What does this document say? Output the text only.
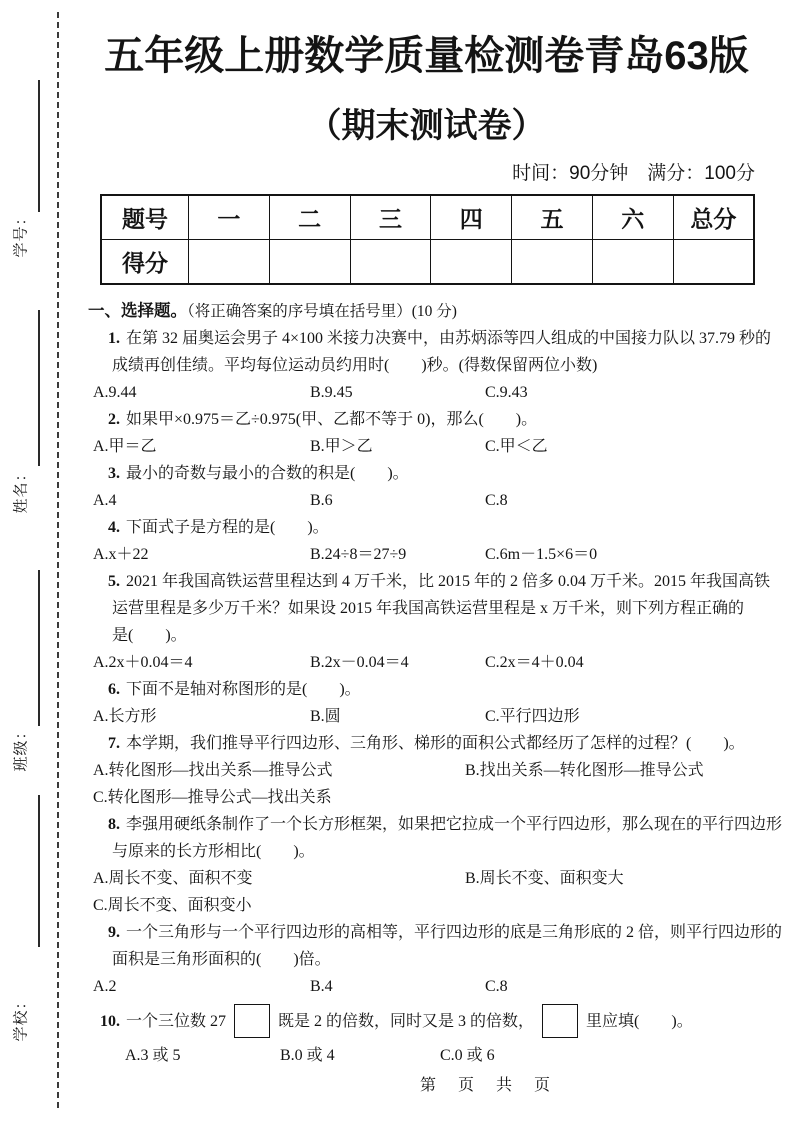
学号：
姓名：
班级：
学校：
五年级上册数学质量检测卷青岛63版
（期末测试卷）
时间：90分钟　满分：100分
题号	一	二	三	四	五	六	总分
得分							
一、选择题。（将正确答案的序号填在括号里）(10 分)
1. 在第 32 届奥运会男子 4×100 米接力决赛中，由苏炳添等四人组成的中国接力队以 37.79 秒的
成绩再创佳绩。平均每位运动员约用时(　　)秒。(得数保留两位小数)
A.9.44	B.9.45	C.9.43
2. 如果甲×0.975＝乙÷0.975(甲、乙都不等于 0)，那么(　　)。
A.甲＝乙	B.甲＞乙	C.甲＜乙
3. 最小的奇数与最小的合数的积是(　　)。
A.4	B.6	C.8
4. 下面式子是方程的是(　　)。
A.x＋22	B.24÷8＝27÷9	C.6m－1.5×6＝0
5. 2021 年我国高铁运营里程达到 4 万千米，比 2015 年的 2 倍多 0.04 万千米。2015 年我国高铁
运营里程是多少万千米？如果设 2015 年我国高铁运营里程是 x 万千米，则下列方程正确的
是(　　)。
A.2x＋0.04＝4	B.2x－0.04＝4	C.2x＝4＋0.04
6. 下面不是轴对称图形的是(　　)。
A.长方形	B.圆	C.平行四边形
7. 本学期，我们推导平行四边形、三角形、梯形的面积公式都经历了怎样的过程？(　　)。
A.转化图形—找出关系—推导公式	B.找出关系—转化图形—推导公式
C.转化图形—推导公式—找出关系
8. 李强用硬纸条制作了一个长方形框架，如果把它拉成一个平行四边形，那么现在的平行四边形
与原来的长方形相比(　　)。
A.周长不变、面积不变	B.周长不变、面积变大
C.周长不变、面积变小
9. 一个三角形与一个平行四边形的高相等，平行四边形的底是三角形底的 2 倍，则平行四边形的
面积是三角形面积的(　　)倍。
A.2	B.4	C.8
10. 一个三位数 27	既是 2 的倍数，同时又是 3 的倍数，	里应填(　　)。
A.3 或 5	B.0 或 4	C.0 或 6
第　页　共　页
